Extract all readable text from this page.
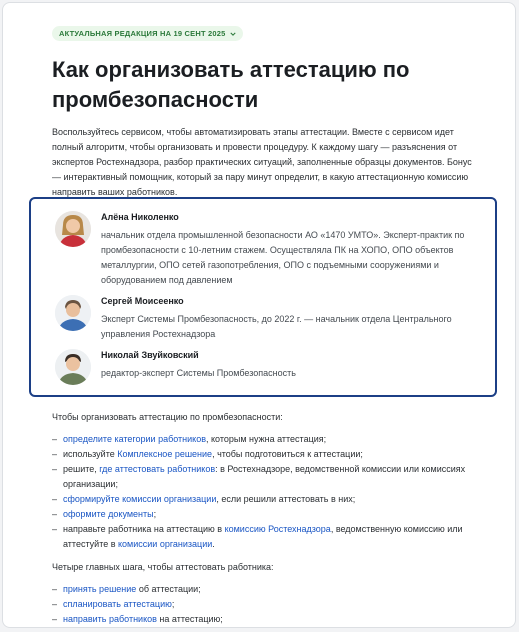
АКТУАЛЬНАЯ РЕДАКЦИЯ НА 19 СЕНТ 2025
Как организовать аттестацию по промбезопасности

Воспользуйтесь сервисом, чтобы автоматизировать этапы аттестации. Вместе с сервисом идет полный алгоритм, чтобы организовать и провести процедуру. К каждому шагу — разъяснения от экспертов Ростехнадзора, разбор практических ситуаций, заполненные образцы документов. Бонус — интерактивный помощник, который за пару минут определит, в какую аттестационную комиссию направить ваших работников.

Алёна Николенко
начальник отдела промышленной безопасности АО «1470 УМТО». Эксперт-практик по промбезопасности с 10-летним стажем. Осуществляла ПК на ХОПО, ОПО объектов металлургии, ОПО сетей газопотребления, ОПО с подъемными сооружениями и оборудованием под давлением
Сергей Моисеенко
Эксперт Системы Промбезопасность, до 2022 г. — начальник отдела Центрального управления Ростехнадзора
Николай Звуйковский
редактор-эксперт Системы Промбезопасность

Чтобы организовать аттестацию по промбезопасности:

– определите категории работников, которым нужна аттестация;
– используйте Комплексное решение, чтобы подготовиться к аттестации;
– решите, где аттестовать работников: в Ростехнадзоре, ведомственной комиссии или комиссиях организации;
– сформируйте комиссии организации, если решили аттестовать в них;
– оформите документы;
– направьте работника на аттестацию в комиссию Ростехнадзора, ведомственную комиссию или аттестуйте в комиссии организации.

Четыре главных шага, чтобы аттестовать работника:

– принять решение об аттестации;
– спланировать аттестацию;
– направить работников на аттестацию;
